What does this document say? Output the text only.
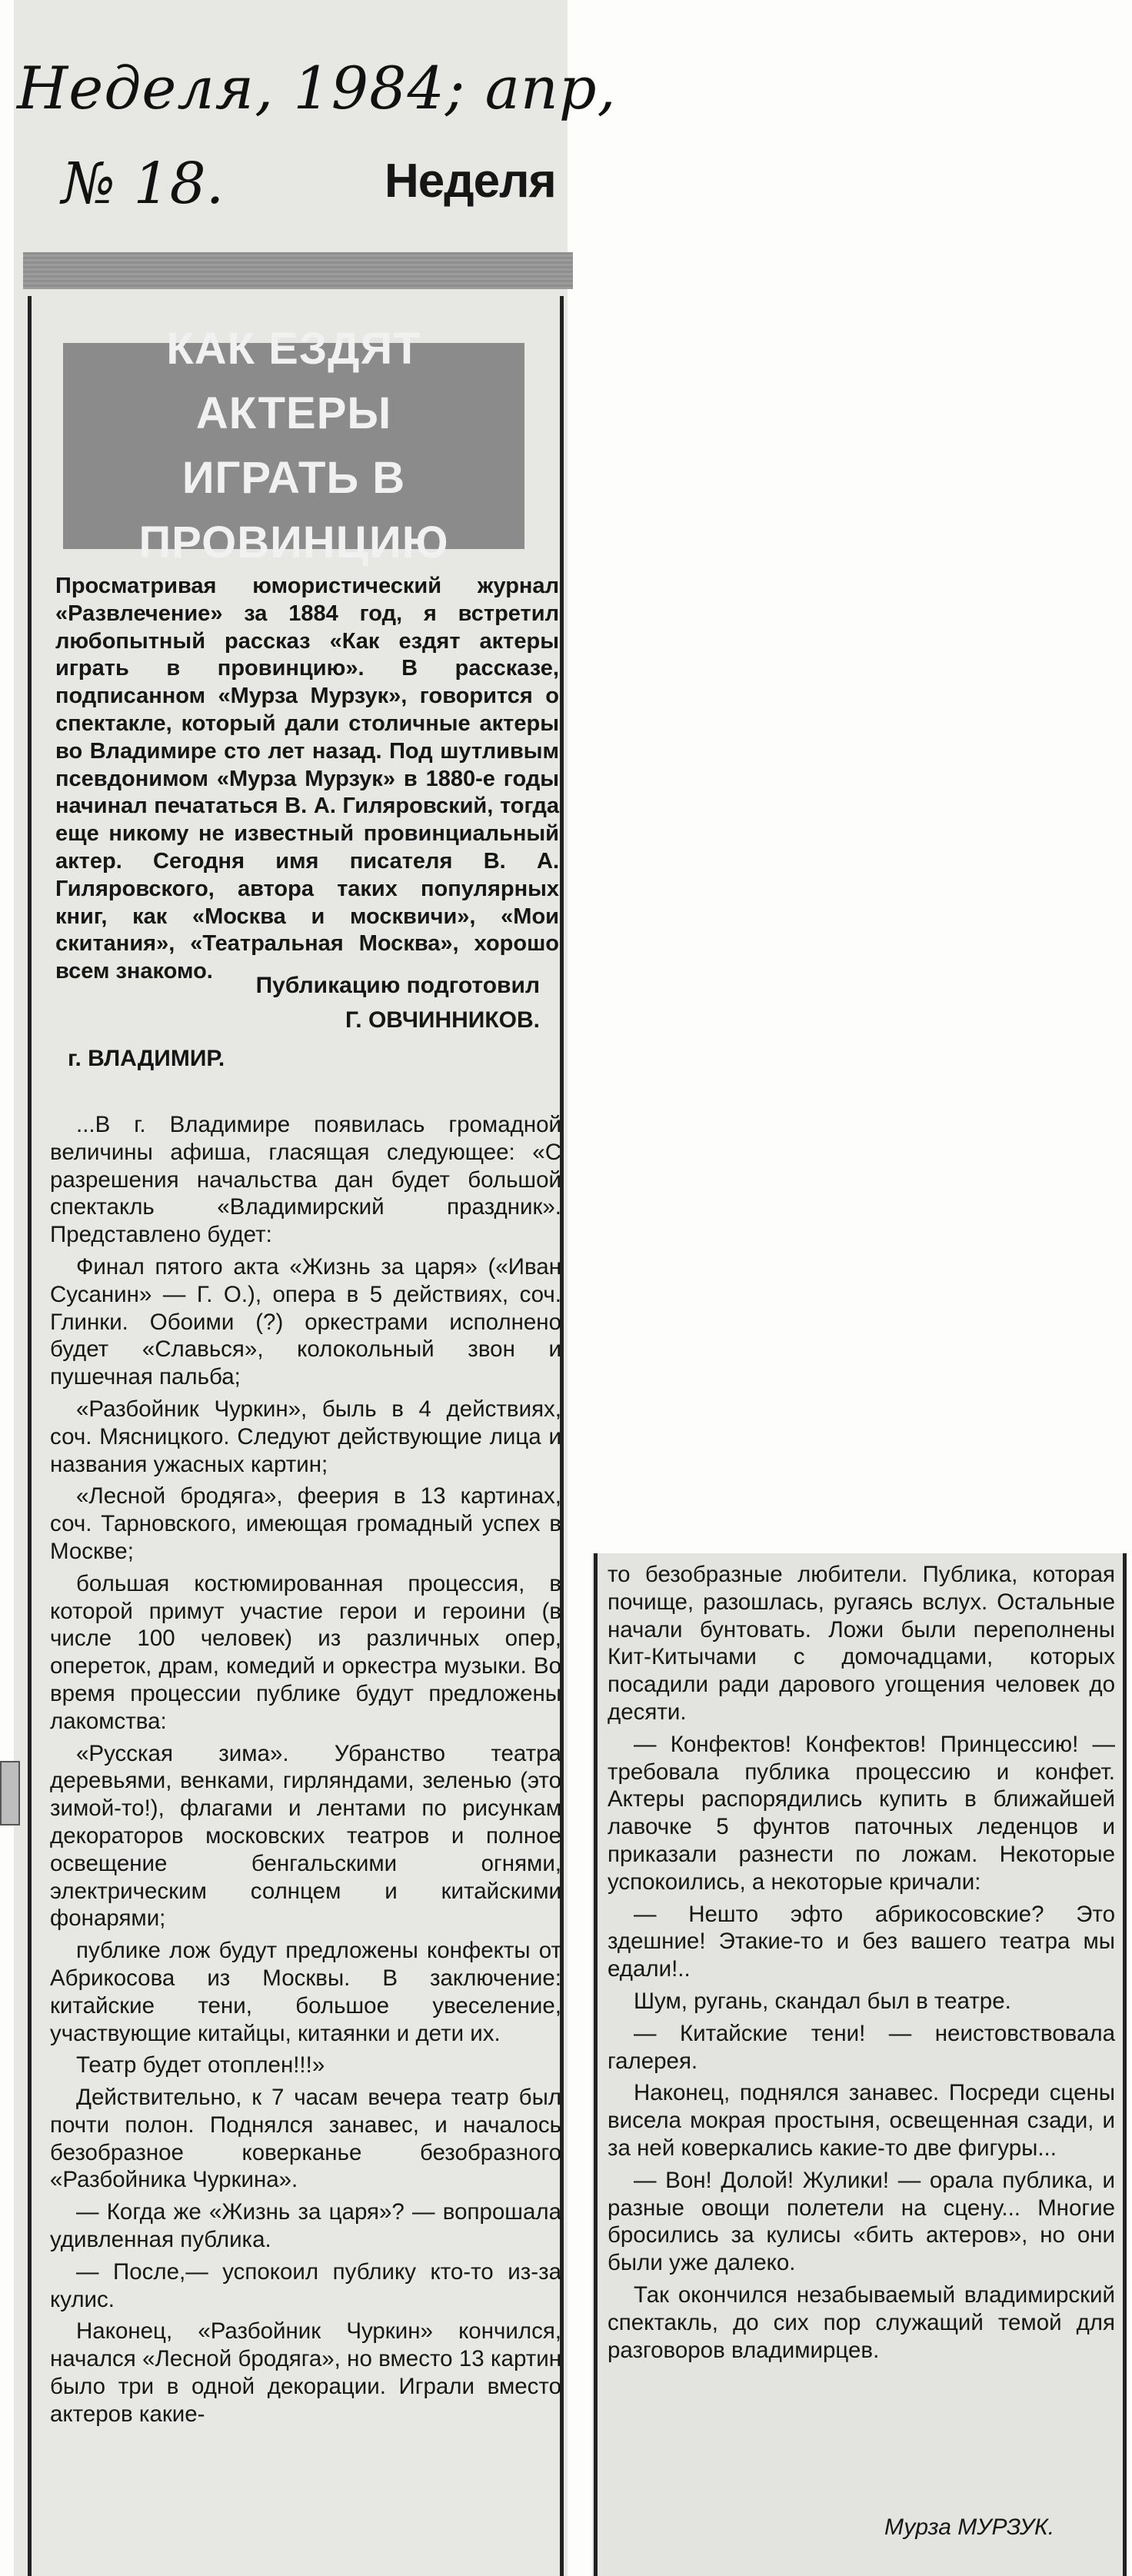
Неделя, 1984; апр,
№ 18.	Неделя
КАК ЕЗДЯТ АКТЕРЫ
ИГРАТЬ В ПРОВИНЦИЮ
Просматривая юмористический журнал «Развлечение» за 1884 год, я встретил любопытный рассказ «Как ездят актеры играть в провинцию». В рассказе, подписанном «Мурза Мурзук», говорится о спектакле, который дали столичные актеры во Владимире сто лет назад. Под шутливым псевдонимом «Мурза Мурзук» в 1880-е годы начинал печататься В. А. Гиляровский, тогда еще никому не известный провинциальный актер. Сегодня имя писателя В. А. Гиляровского, автора таких популярных книг, как «Москва и москвичи», «Мои скитания», «Театральная Москва», хорошо всем знакомо.
Публикацию подготовил
Г. ОВЧИННИКОВ.
г. ВЛАДИМИР.

...В г. Владимире появилась громадной величины афиша, гласящая следующее: «С разрешения начальства дан будет большой спектакль «Владимирский праздник». Представлено будет:

Финал пятого акта «Жизнь за царя» («Иван Сусанин» — Г. О.), опера в 5 действиях, соч. Глинки. Обоими (?) оркестрами исполнено будет «Славься», колокольный звон и пушечная пальба;

«Разбойник Чуркин», быль в 4 действиях, соч. Мясницкого. Следуют действующие лица и названия ужасных картин;

«Лесной бродяга», феерия в 13 картинах, соч. Тарновского, имеющая громадный успех в Москве;

большая костюмированная процессия, в которой примут участие герои и героини (в числе 100 человек) из различных опер, оперeток, драм, комедий и оркестра музыки. Во время процессии публике будут предложены лакомства:

«Русская зима». Убранство театра деревьями, венками, гирляндами, зеленью (это зимой-то!), флагами и лентами по рисункам декораторов московских театров и полное освещение бенгальскими огнями, электрическим солнцем и китайскими фонарями;

публике лож будут предложены конфекты от Абрикосова из Москвы. В заключение: китайские тени, большое увеселение, участвующие китайцы, китаянки и дети их.

Театр будет отоплен!!!»

Действительно, к 7 часам вечера театр был почти полон. Поднялся занавес, и началось безобразное коверканье безобразного «Разбойника Чуркина».

— Когда же «Жизнь за царя»? — вопрошала удивленная публика.

— После,— успокоил публику кто-то из-за кулис.

Наконец, «Разбойник Чуркин» кончился, начался «Лесной бродяга», но вместо 13 картин было три в одной декорации. Играли вместо актеров какие-

то безобразные любители. Публика, которая почище, разошлась, ругаясь вслух. Остальные начали бунтовать. Ложи были переполнены Кит-Китычами с домочадцами, которых посадили ради дарового угощения человек до десяти.

— Конфектов! Конфектов! Принцессию! — требовала публика процессию и конфет. Актеры распорядились купить в ближайшей лавочке 5 фунтов паточных леденцов и приказали разнести по ложам. Некоторые успокоились, а некоторые кричали:

— Нешто эфто абрикосовские? Это здешние! Этакие-то и без вашего театра мы едали!..

Шум, ругань, скандал был в театре.

— Китайские тени! — неистовствовала галерея.

Наконец, поднялся занавес. Посреди сцены висела мокрая простыня, освещенная сзади, и за ней коверкались какие-то две фигуры...

— Вон! Долой! Жулики! — орала публика, и разные овощи полетели на сцену... Многие бросились за кулисы «бить актеров», но они были уже далеко.

Так окончился незабываемый владимирский спектакль, до сих пор служащий темой для разговоров владимирцев.

Мурза МУРЗУК.
